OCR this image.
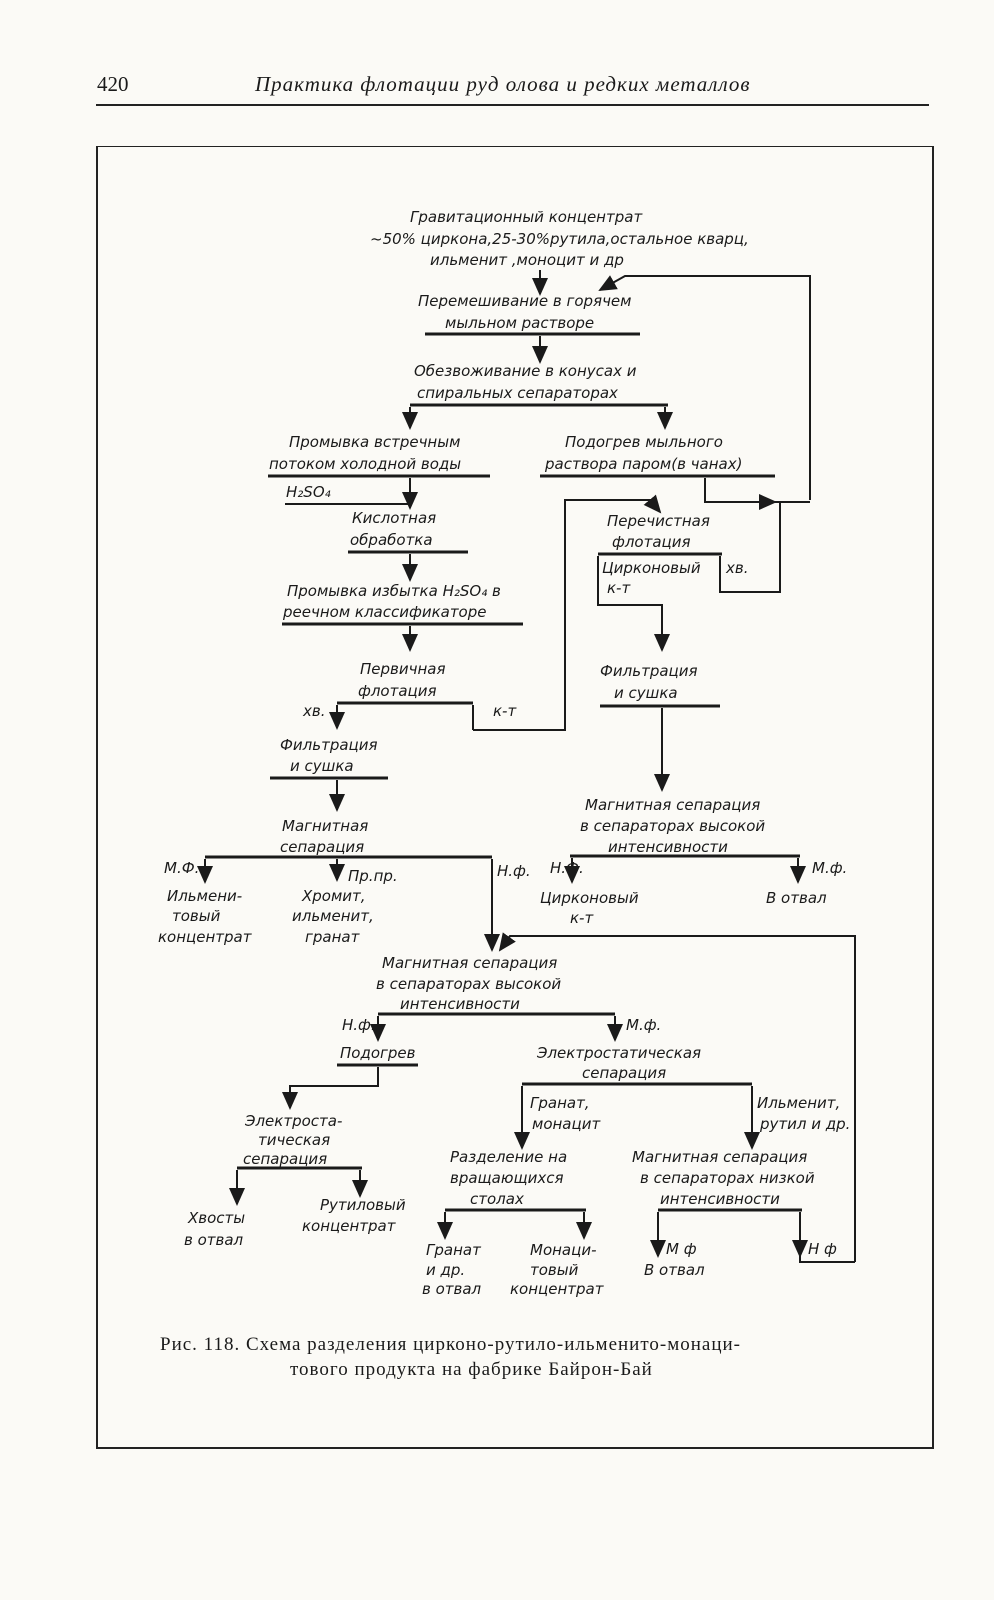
420	Практика флотации руд олова и редких металлов
Гравитационный концентрат
~50% циркона,25-30%рутила,остальное кварц,
ильменит ,моноцит и др
Перемешивание в горячем
мыльном растворе
Обезвоживание в конусах и
спиральных сепараторах
Промывка встречным
потоком холодной воды
Подогрев мыльного
раствора паром(в чанах)
H₂SO₄
Кислотная
обработка
Промывка избытка H₂SO₄ в
реечном классификаторе
Перечистная
флотация
Цирконовый
к-т
хв.
Первичная
флотация
хв.	к-т
Фильтрация
и сушка
Фильтрация
и сушка
Магнитная сепарация
в сепараторах высокой
интенсивности
Н.Ф.	М.ф.
Цирконовый
к-т
В отвал
Магнитная
сепарация
М.Ф.	Пр.пр.	Н.ф.
Ильмени-
товый
концентрат
Хромит,
ильменит,
гранат
Магнитная сепарация
в сепараторах высокой
интенсивности
Н.ф.	М.ф.
Подогрев	Электростатическая
сепарация
Гранат,
монацит
Ильменит,
рутил и др.
Электроста-
тическая
сепарация
Хвосты
в отвал
Рутиловый
концентрат
Разделение на
вращающихся
столах
Гранат
и др.
в отвал
Монаци-
товый
концентрат
Магнитная сепарация
в сепараторах низкой
интенсивности
М ф
В отвал
Н ф
Рис. 118. Схема разделения цирконо-рутило-ильменито-монаци-
тового продукта на фабрике Байрон-Бай
